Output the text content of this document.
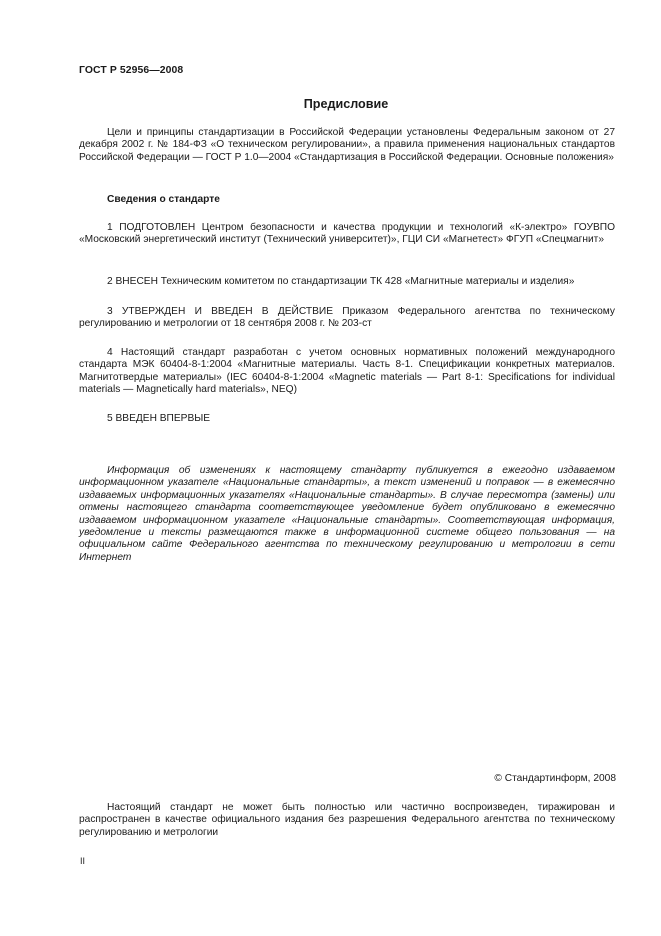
ГОСТ Р 52956—2008
Предисловие
Цели и принципы стандартизации в Российской Федерации установлены Федеральным законом от 27 декабря 2002 г. № 184-ФЗ «О техническом регулировании», а правила применения национальных стандартов Российской Федерации — ГОСТ Р 1.0—2004 «Стандартизация в Российской Федерации. Основные положения»
Сведения о стандарте
1 ПОДГОТОВЛЕН Центром безопасности и качества продукции и технологий «К-электро» ГОУВПО «Московский энергетический институт (Технический университет)», ГЦИ СИ «Магнетест» ФГУП «Спецмагнит»
2 ВНЕСЕН Техническим комитетом по стандартизации ТК 428 «Магнитные материалы и изделия»
3 УТВЕРЖДЕН И ВВЕДЕН В ДЕЙСТВИЕ Приказом Федерального агентства по техническому регулированию и метрологии от 18 сентября 2008 г. № 203-ст
4 Настоящий стандарт разработан с учетом основных нормативных положений международного стандарта МЭК 60404-8-1:2004 «Магнитные материалы. Часть 8-1. Спецификации конкретных материалов. Магнитотвердые материалы» (IEC 60404-8-1:2004 «Magnetic materials — Part 8-1: Specifications for individual materials — Magnetically hard materials», NEQ)
5 ВВЕДЕН ВПЕРВЫЕ
Информация об изменениях к настоящему стандарту публикуется в ежегодно издаваемом информационном указателе «Национальные стандарты», а текст изменений и поправок — в ежемесячно издаваемых информационных указателях «Национальные стандарты». В случае пересмотра (замены) или отмены настоящего стандарта соответствующее уведомление будет опубликовано в ежемесячно издаваемом информационном указателе «Национальные стандарты». Соответствующая информация, уведомление и тексты размещаются также в информационной системе общего пользования — на официальном сайте Федерального агентства по техническому регулированию и метрологии в сети Интернет
© Стандартинформ, 2008
Настоящий стандарт не может быть полностью или частично воспроизведен, тиражирован и распространен в качестве официального издания без разрешения Федерального агентства по техническому регулированию и метрологии
II
